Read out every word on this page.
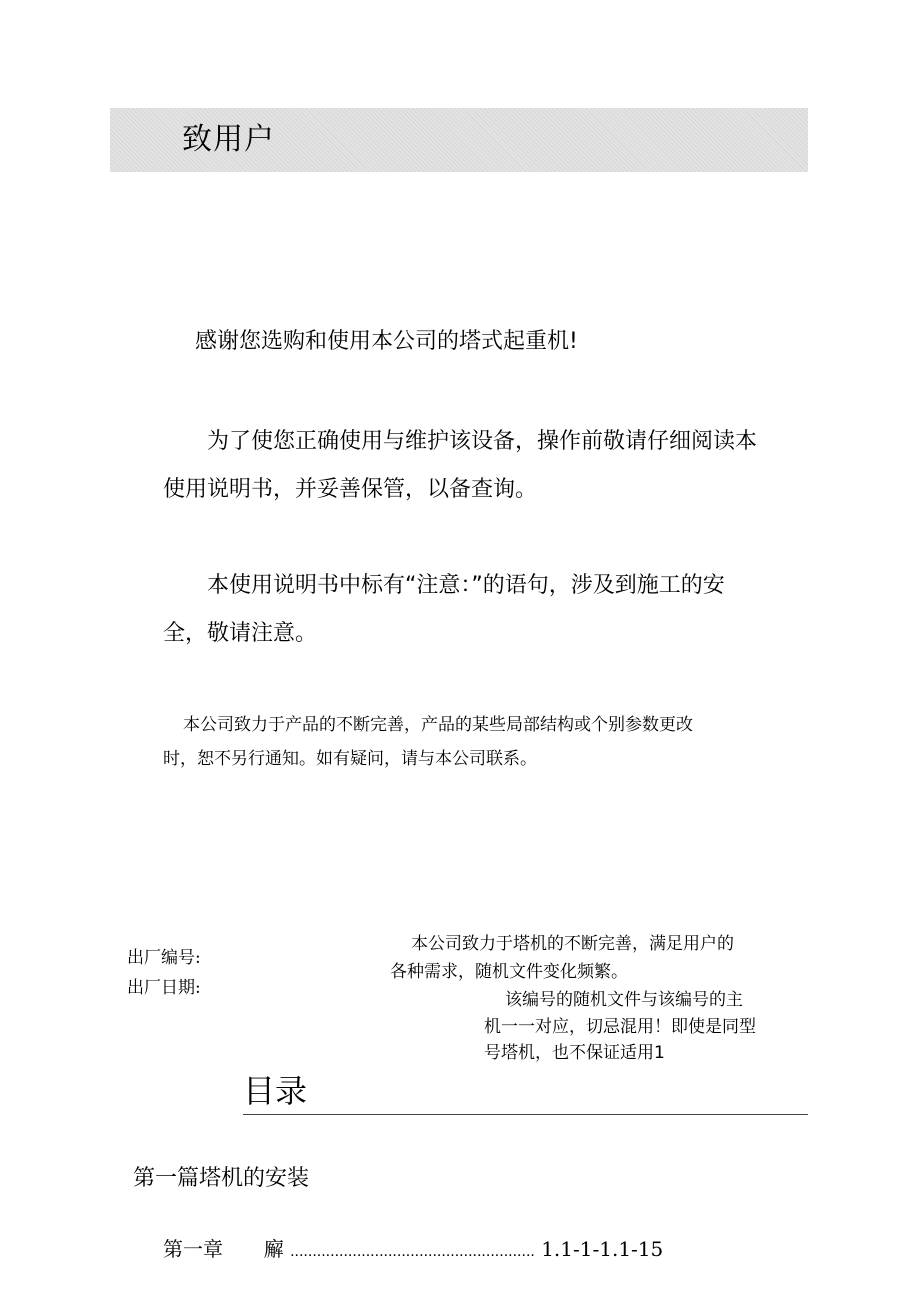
致用户
感谢您选购和使用本公司的塔式起重机!
为了使您正确使用与维护该设备，操作前敬请仔细阅读本
使用说明书，并妥善保管，以备查询。
本使用说明书中标有“注意：”的语句，涉及到施工的安
全，敬请注意。
本公司致力于产品的不断完善，产品的某些局部结构或个别参数更改
时，恕不另行通知。如有疑问，请与本公司联系。
出厂编号:
出厂日期:
本公司致力于塔机的不断完善，满足用户的
各种需求，随机文件变化频繁。
该编号的随机文件与该编号的主
机一一对应，切忌混用！即使是同型
号塔机，也不保证适用1
目录
第一篇塔机的安装
第一章 廨 ....................................................... 1.1-1-1.1-15
